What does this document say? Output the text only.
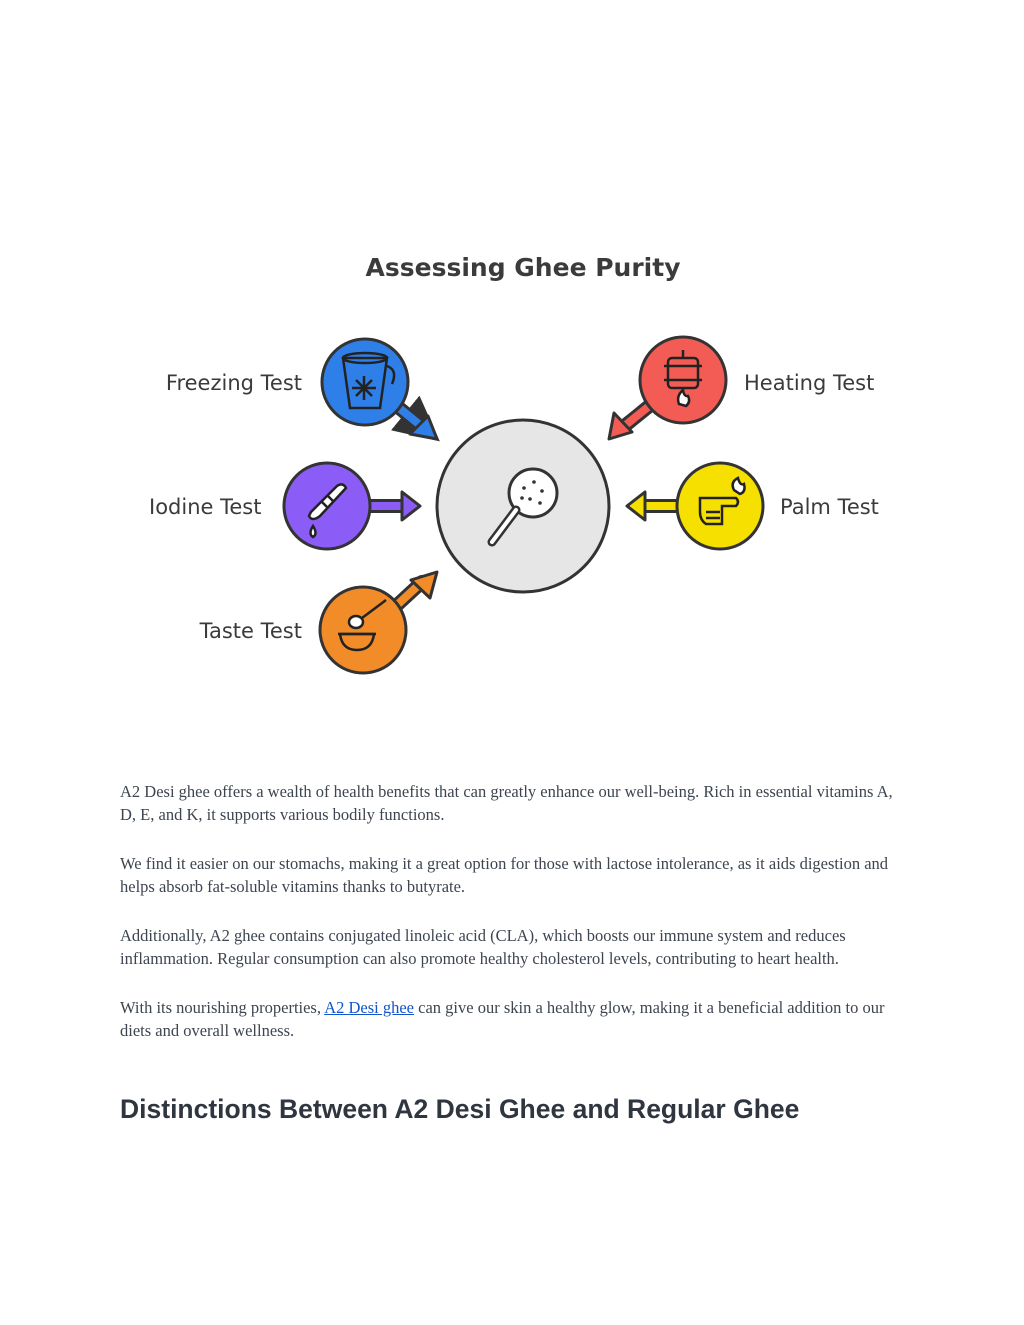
Assessing Ghee Purity
Freezing Test	Heating Test
Iodine Test	Palm Test
Taste Test

A2 Desi ghee offers a wealth of health benefits that can greatly enhance our well-being. Rich in essential vitamins A, D, E, and K, it supports various bodily functions.

We find it easier on our stomachs, making it a great option for those with lactose intolerance, as it aids digestion and helps absorb fat-soluble vitamins thanks to butyrate.

Additionally, A2 ghee contains conjugated linoleic acid (CLA), which boosts our immune system and reduces inflammation. Regular consumption can also promote healthy cholesterol levels, contributing to heart health.

With its nourishing properties, A2 Desi ghee can give our skin a healthy glow, making it a beneficial addition to our diets and overall wellness.

Distinctions Between A2 Desi Ghee and Regular Ghee
